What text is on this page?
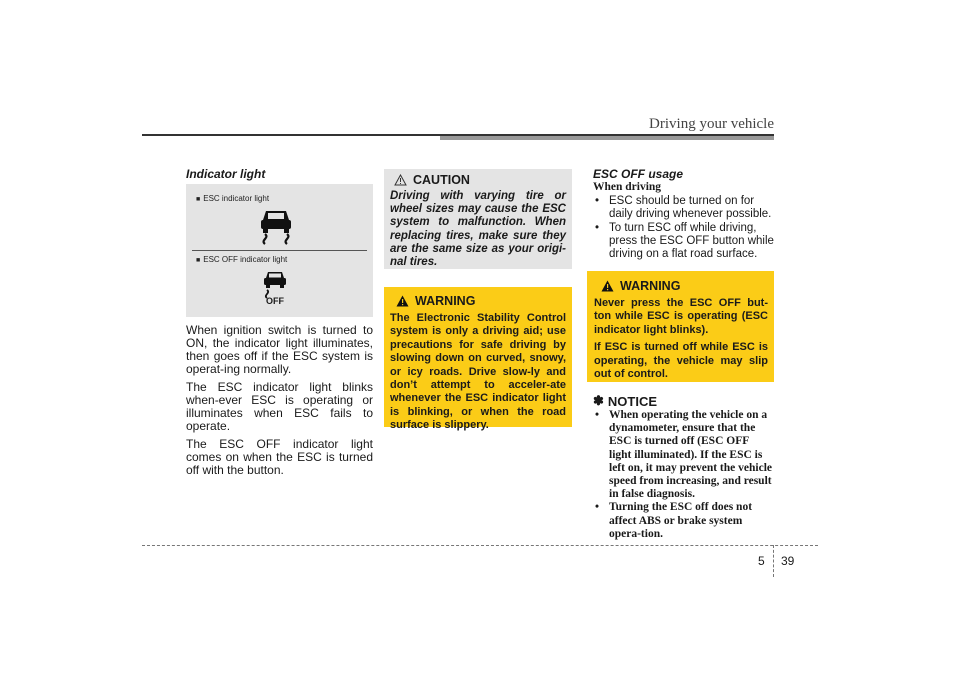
Driving your vehicle
Indicator light
■ ESC indicator light
■ ESC OFF indicator light
OFF

When ignition switch is turned to ON, the indicator light illuminates, then goes off if the ESC system is operat-ing normally.

The ESC indicator light blinks when-ever ESC is operating or illuminates when ESC fails to operate.

The ESC OFF indicator light comes on when the ESC is turned off with the button.

CAUTION
Driving with varying tire or wheel sizes may cause the ESC system to malfunction. When replacing tires, make sure they are the same size as your origi-nal tires.
WARNING
The Electronic Stability Control system is only a driving aid; use precautions for safe driving by slowing down on curved, snowy, or icy roads. Drive slow-ly and don’t attempt to acceler-ate whenever the ESC indicator light is blinking, or when the road surface is slippery.
ESC OFF usage
When driving
• ESC should be turned on for daily driving whenever possible.
• To turn ESC off while driving, press the ESC OFF button while driving on a flat road surface.
WARNING

Never press the ESC OFF but-ton while ESC is operating (ESC indicator light blinks).

If ESC is turned off while ESC is operating, the vehicle may slip out of control.

✽ NOTICE
• When operating the vehicle on a dynamometer, ensure that the ESC is turned off (ESC OFF light illuminated). If the ESC is left on, it may prevent the vehicle speed from increasing, and result in false diagnosis.
• Turning the ESC off does not affect ABS or brake system opera-tion.
5 39
